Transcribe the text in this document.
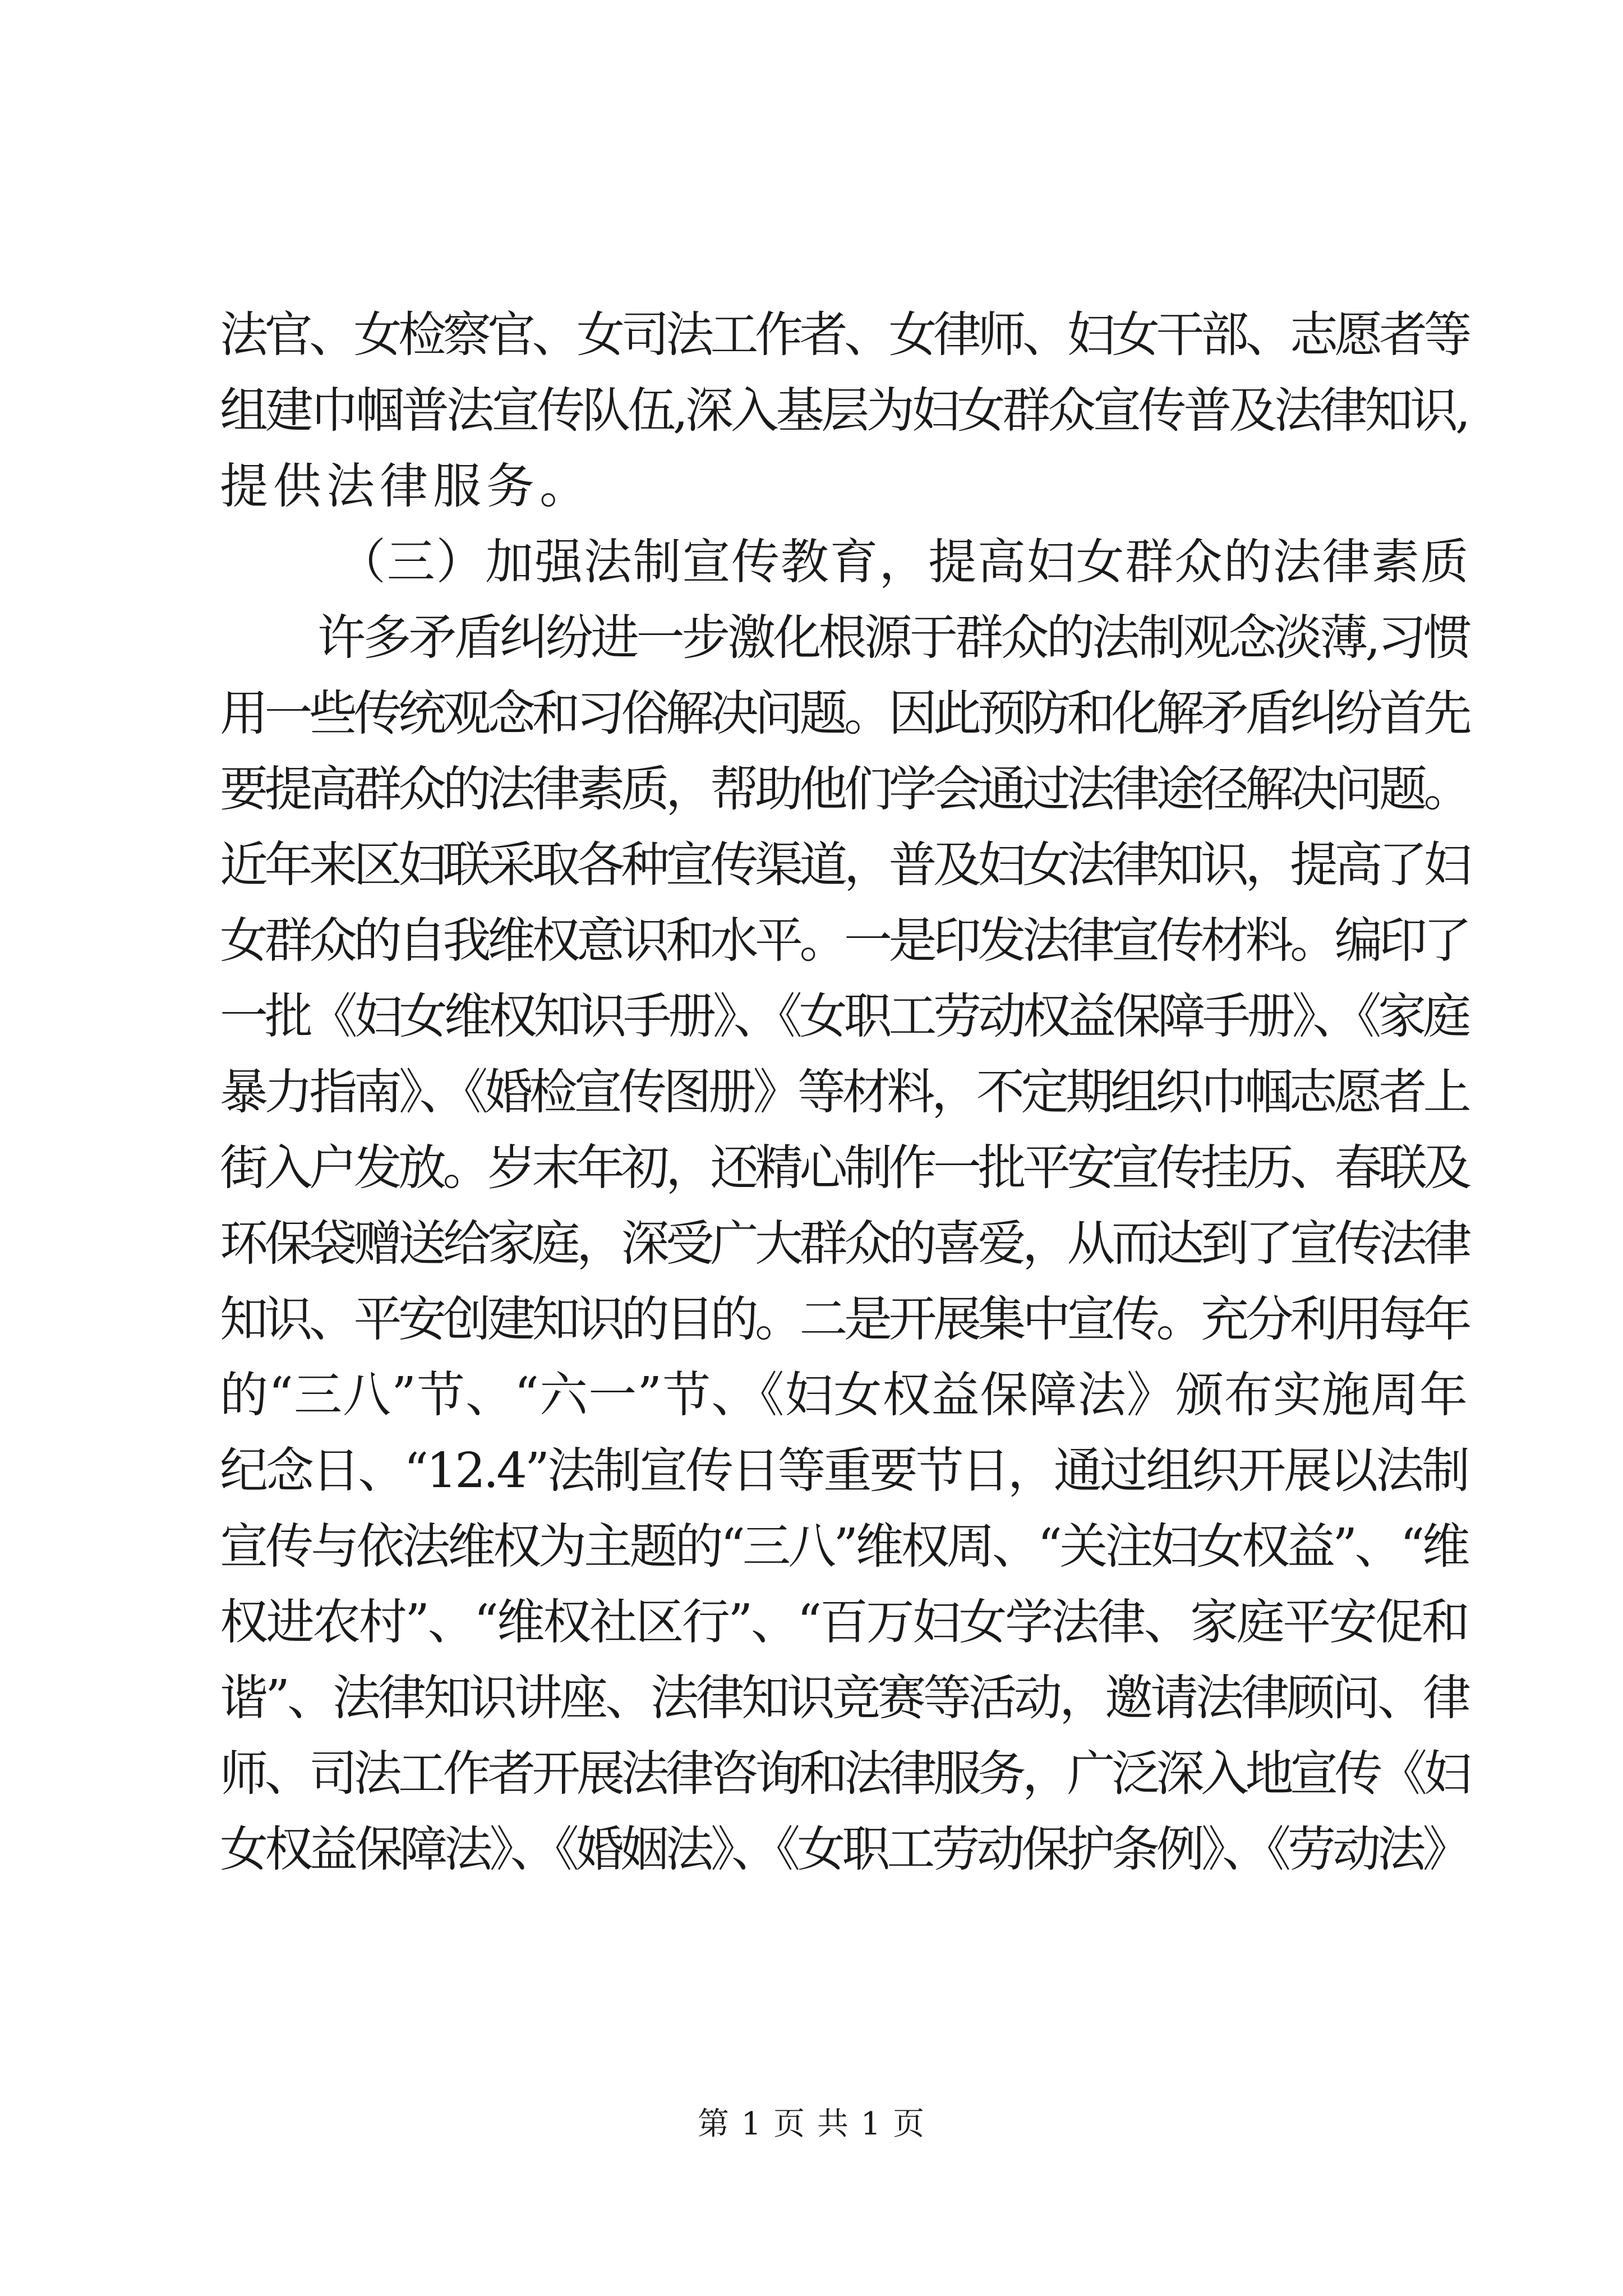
法官、女检察官、女司法工作者、女律师、妇女干部、志愿者等
组建巾帼普法宣传队伍,深入基层为妇女群众宣传普及法律知识,
提供法律服务。
（三）加强法制宣传教育，提高妇女群众的法律素质
许多矛盾纠纷进一步激化根源于群众的法制观念淡薄,习惯
用一些传统观念和习俗解决问题。因此预防和化解矛盾纠纷首先
要提高群众的法律素质，帮助他们学会通过法律途径解决问题。
近年来区妇联采取各种宣传渠道，普及妇女法律知识，提高了妇
女群众的自我维权意识和水平。一是印发法律宣传材料。编印了
一批《妇女维权知识手册》、《女职工劳动权益保障手册》、《家庭
暴力指南》、《婚检宣传图册》等材料，不定期组织巾帼志愿者上
街入户发放。岁末年初，还精心制作一批平安宣传挂历、春联及
环保袋赠送给家庭，深受广大群众的喜爱，从而达到了宣传法律
知识、平安创建知识的目的。二是开展集中宣传。充分利用每年
的“三八”节、“六一”节、《妇女权益保障法》颁布实施周年
纪念日、“12.4”法制宣传日等重要节日，通过组织开展以法制
宣传与依法维权为主题的“三八”维权周、“关注妇女权益”、“维
权进农村”、“维权社区行”、“百万妇女学法律、家庭平安促和
谐”、法律知识讲座、法律知识竞赛等活动，邀请法律顾问、律
师、司法工作者开展法律咨询和法律服务，广泛深入地宣传《妇
女权益保障法》、《婚姻法》、《女职工劳动保护条例》、《劳动法》
第 1 页 共 1 页
